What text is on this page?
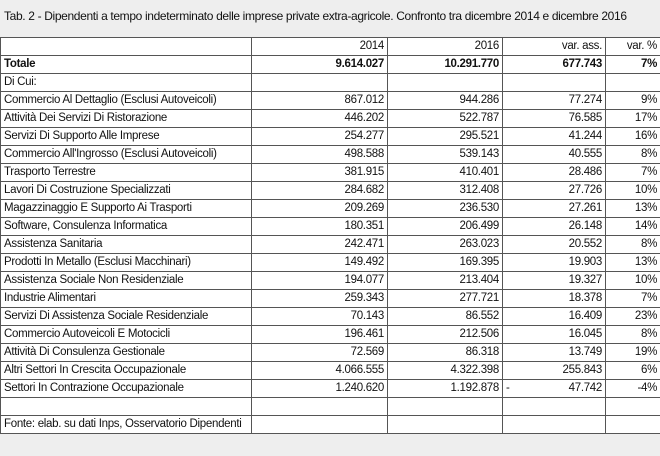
Tab. 2 - Dipendenti a tempo indeterminato delle imprese private extra-agricole. Confronto tra dicembre 2014 e dicembre 2016
	2014	2016	var. ass.	var. %
Totale	9.614.027	10.291.770	677.743	7%
Di Cui:				
Commercio Al Dettaglio (Esclusi Autoveicoli)	867.012	944.286	77.274	9%
Attività Dei Servizi Di Ristorazione	446.202	522.787	76.585	17%
Servizi Di Supporto Alle Imprese	254.277	295.521	41.244	16%
Commercio All'Ingrosso (Esclusi Autoveicoli)	498.588	539.143	40.555	8%
Trasporto Terrestre	381.915	410.401	28.486	7%
Lavori Di Costruzione Specializzati	284.682	312.408	27.726	10%
Magazzinaggio E Supporto Ai Trasporti	209.269	236.530	27.261	13%
Software, Consulenza Informatica	180.351	206.499	26.148	14%
Assistenza Sanitaria	242.471	263.023	20.552	8%
Prodotti In Metallo (Esclusi Macchinari)	149.492	169.395	19.903	13%
Assistenza Sociale Non Residenziale	194.077	213.404	19.327	10%
Industrie Alimentari	259.343	277.721	18.378	7%
Servizi Di Assistenza Sociale Residenziale	70.143	86.552	16.409	23%
Commercio Autoveicoli E Motocicli	196.461	212.506	16.045	8%
Attività Di Consulenza Gestionale	72.569	86.318	13.749	19%
Altri Settori In Crescita Occupazionale	4.066.555	4.322.398	255.843	6%
Settori In Contrazione Occupazionale	1.240.620	1.192.878	- 47.742	-4%

Fonte: elab. su dati Inps, Osservatorio Dipendenti				
